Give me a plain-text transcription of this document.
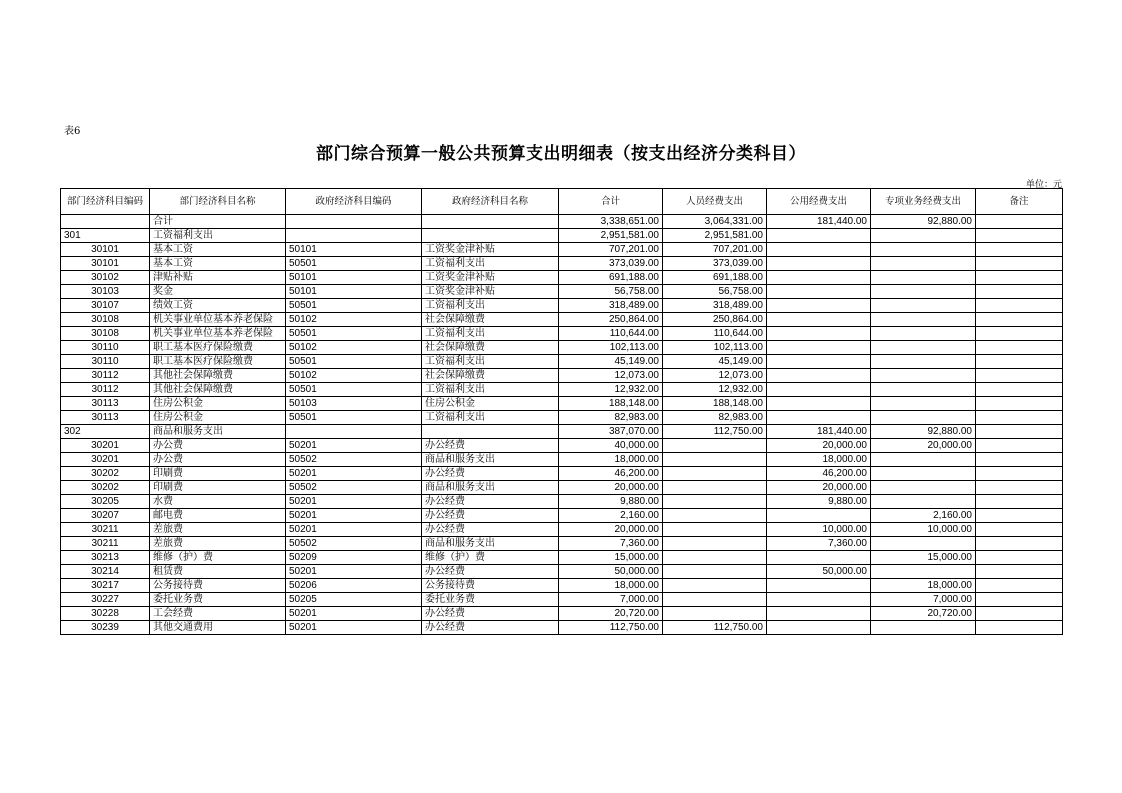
表6
部门综合预算一般公共预算支出明细表（按支出经济分类科目）
单位：元
部门经济科目编码	部门经济科目名称	政府经济科目编码	政府经济科目名称	合计	人员经费支出	公用经费支出	专项业务经费支出	备注
	合计			3,338,651.00	3,064,331.00	181,440.00	92,880.00	
301	工资福利支出			2,951,581.00	2,951,581.00			
30101	基本工资	50101	工资奖金津补贴	707,201.00	707,201.00			
30101	基本工资	50501	工资福利支出	373,039.00	373,039.00			
30102	津贴补贴	50101	工资奖金津补贴	691,188.00	691,188.00			
30103	奖金	50101	工资奖金津补贴	56,758.00	56,758.00			
30107	绩效工资	50501	工资福利支出	318,489.00	318,489.00			
30108	机关事业单位基本养老保险	50102	社会保障缴费	250,864.00	250,864.00			
30108	机关事业单位基本养老保险	50501	工资福利支出	110,644.00	110,644.00			
30110	职工基本医疗保险缴费	50102	社会保障缴费	102,113.00	102,113.00			
30110	职工基本医疗保险缴费	50501	工资福利支出	45,149.00	45,149.00			
30112	其他社会保障缴费	50102	社会保障缴费	12,073.00	12,073.00			
30112	其他社会保障缴费	50501	工资福利支出	12,932.00	12,932.00			
30113	住房公积金	50103	住房公积金	188,148.00	188,148.00			
30113	住房公积金	50501	工资福利支出	82,983.00	82,983.00			
302	商品和服务支出			387,070.00	112,750.00	181,440.00	92,880.00	
30201	办公费	50201	办公经费	40,000.00		20,000.00	20,000.00	
30201	办公费	50502	商品和服务支出	18,000.00		18,000.00		
30202	印刷费	50201	办公经费	46,200.00		46,200.00		
30202	印刷费	50502	商品和服务支出	20,000.00		20,000.00		
30205	水费	50201	办公经费	9,880.00		9,880.00		
30207	邮电费	50201	办公经费	2,160.00			2,160.00	
30211	差旅费	50201	办公经费	20,000.00		10,000.00	10,000.00	
30211	差旅费	50502	商品和服务支出	7,360.00		7,360.00		
30213	维修（护）费	50209	维修（护）费	15,000.00			15,000.00	
30214	租赁费	50201	办公经费	50,000.00		50,000.00		
30217	公务接待费	50206	公务接待费	18,000.00			18,000.00	
30227	委托业务费	50205	委托业务费	7,000.00			7,000.00	
30228	工会经费	50201	办公经费	20,720.00			20,720.00	
30239	其他交通费用	50201	办公经费	112,750.00	112,750.00			
